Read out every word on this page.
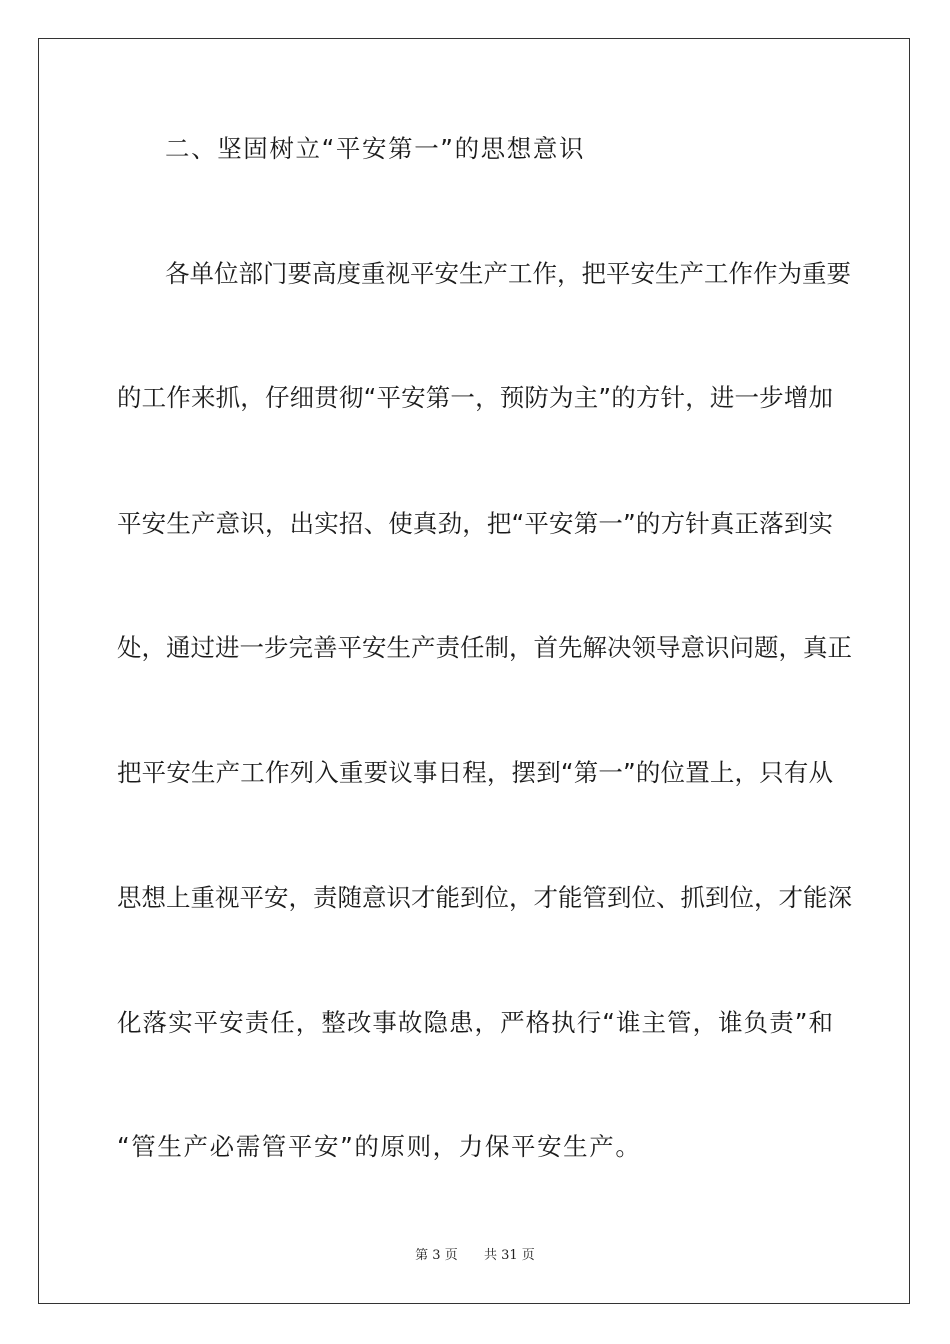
二、坚固树立“平安第一”的思想意识
各单位部门要高度重视平安生产工作，把平安生产工作作为重要
的工作来抓，仔细贯彻“平安第一，预防为主”的方针，进一步增加
平安生产意识，出实招、使真劲，把“平安第一”的方针真正落到实
处，通过进一步完善平安生产责任制，首先解决领导意识问题，真正
把平安生产工作列入重要议事日程，摆到“第一”的位置上，只有从
思想上重视平安，责随意识才能到位，才能管到位、抓到位，才能深
化落实平安责任，整改事故隐患，严格执行“谁主管，谁负责”和
“管生产必需管平安”的原则，力保平安生产。
第 3 页 共 31 页
